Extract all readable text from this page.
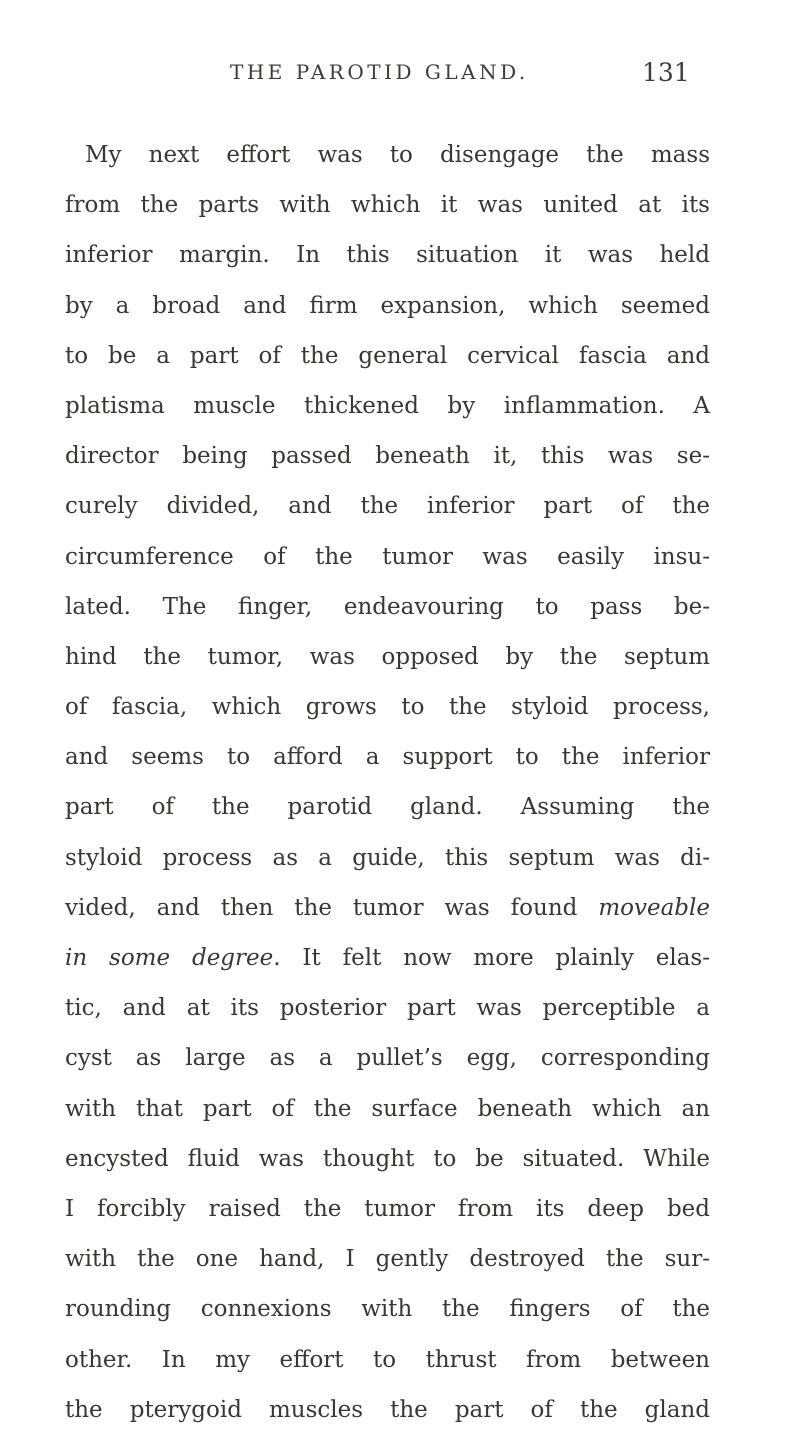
THE PAROTID GLAND.	131
My next effort was to disengage the mass
from the parts with which it was united at its
inferior margin. In this situation it was held
by a broad and firm expansion, which seemed
to be a part of the general cervical fascia and
platisma muscle thickened by inflammation. A
director being passed beneath it, this was se-
curely divided, and the inferior part of the
circumference of the tumor was easily insu-
lated. The finger, endeavouring to pass be-
hind the tumor, was opposed by the septum
of fascia, which grows to the styloid process,
and seems to afford a support to the inferior
part of the parotid gland. Assuming the
styloid process as a guide, this septum was di-
vided, and then the tumor was found moveable
in some degree. It felt now more plainly elas-
tic, and at its posterior part was perceptible a
cyst as large as a pullet’s egg, corresponding
with that part of the surface beneath which an
encysted fluid was thought to be situated. While
I forcibly raised the tumor from its deep bed
with the one hand, I gently destroyed the sur-
rounding connexions with the fingers of the
other. In my effort to thrust from between
the pterygoid muscles the part of the gland
